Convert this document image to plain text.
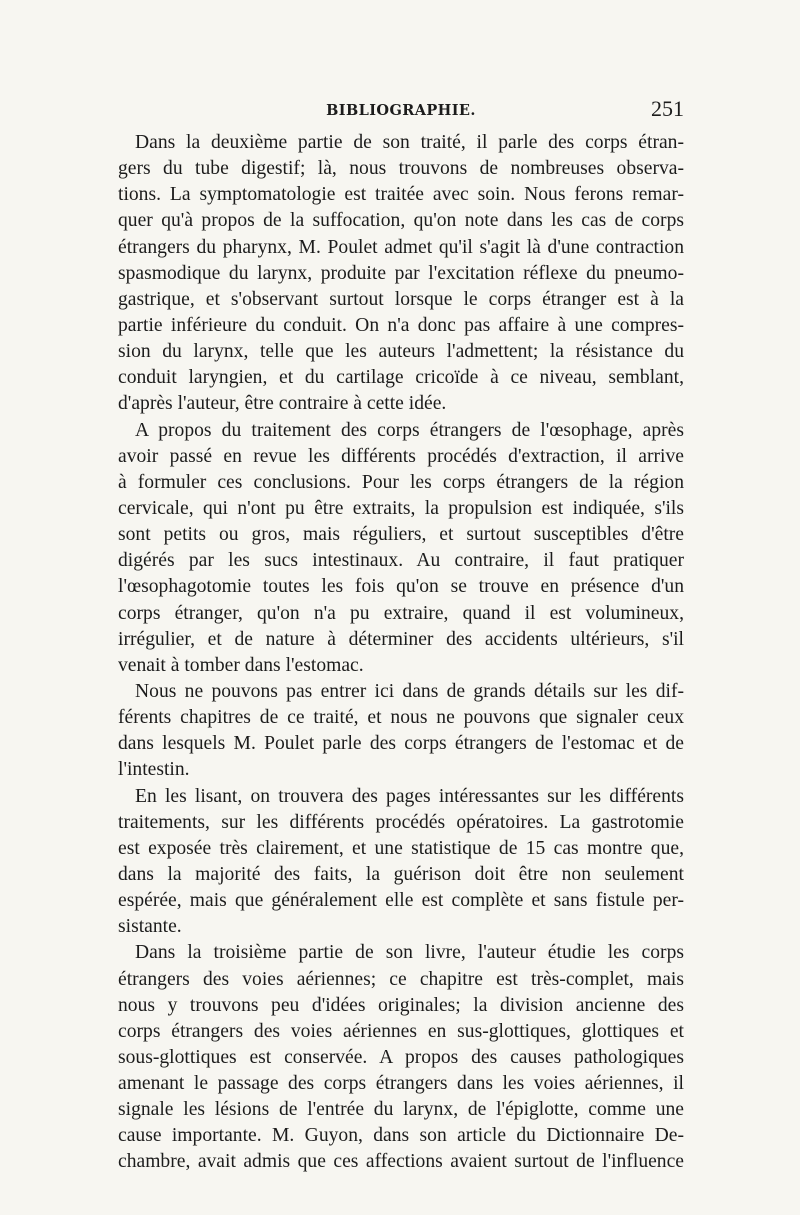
BIBLIOGRAPHIE.	251
Dans la deuxième partie de son traité, il parle des corps étran-
gers du tube digestif; là, nous trouvons de nombreuses observa-
tions. La symptomatologie est traitée avec soin. Nous ferons remar-
quer qu'à propos de la suffocation, qu'on note dans les cas de corps
étrangers du pharynx, M. Poulet admet qu'il s'agit là d'une contraction
spasmodique du larynx, produite par l'excitation réflexe du pneumo-
gastrique, et s'observant surtout lorsque le corps étranger est à la
partie inférieure du conduit. On n'a donc pas affaire à une compres-
sion du larynx, telle que les auteurs l'admettent; la résistance du
conduit laryngien, et du cartilage cricoïde à ce niveau, semblant,
d'après l'auteur, être contraire à cette idée.
A propos du traitement des corps étrangers de l'œsophage, après
avoir passé en revue les différents procédés d'extraction, il arrive
à formuler ces conclusions. Pour les corps étrangers de la région
cervicale, qui n'ont pu être extraits, la propulsion est indiquée, s'ils
sont petits ou gros, mais réguliers, et surtout susceptibles d'être
digérés par les sucs intestinaux. Au contraire, il faut pratiquer
l'œsophagotomie toutes les fois qu'on se trouve en présence d'un
corps étranger, qu'on n'a pu extraire, quand il est volumineux,
irrégulier, et de nature à déterminer des accidents ultérieurs, s'il
venait à tomber dans l'estomac.
Nous ne pouvons pas entrer ici dans de grands détails sur les dif-
férents chapitres de ce traité, et nous ne pouvons que signaler ceux
dans lesquels M. Poulet parle des corps étrangers de l'estomac et de
l'intestin.
En les lisant, on trouvera des pages intéressantes sur les différents
traitements, sur les différents procédés opératoires. La gastrotomie
est exposée très clairement, et une statistique de 15 cas montre que,
dans la majorité des faits, la guérison doit être non seulement
espérée, mais que généralement elle est complète et sans fistule per-
sistante.
Dans la troisième partie de son livre, l'auteur étudie les corps
étrangers des voies aériennes; ce chapitre est très-complet, mais
nous y trouvons peu d'idées originales; la division ancienne des
corps étrangers des voies aériennes en sus-glottiques, glottiques et
sous-glottiques est conservée. A propos des causes pathologiques
amenant le passage des corps étrangers dans les voies aériennes, il
signale les lésions de l'entrée du larynx, de l'épiglotte, comme une
cause importante. M. Guyon, dans son article du Dictionnaire De-
chambre, avait admis que ces affections avaient surtout de l'influence
